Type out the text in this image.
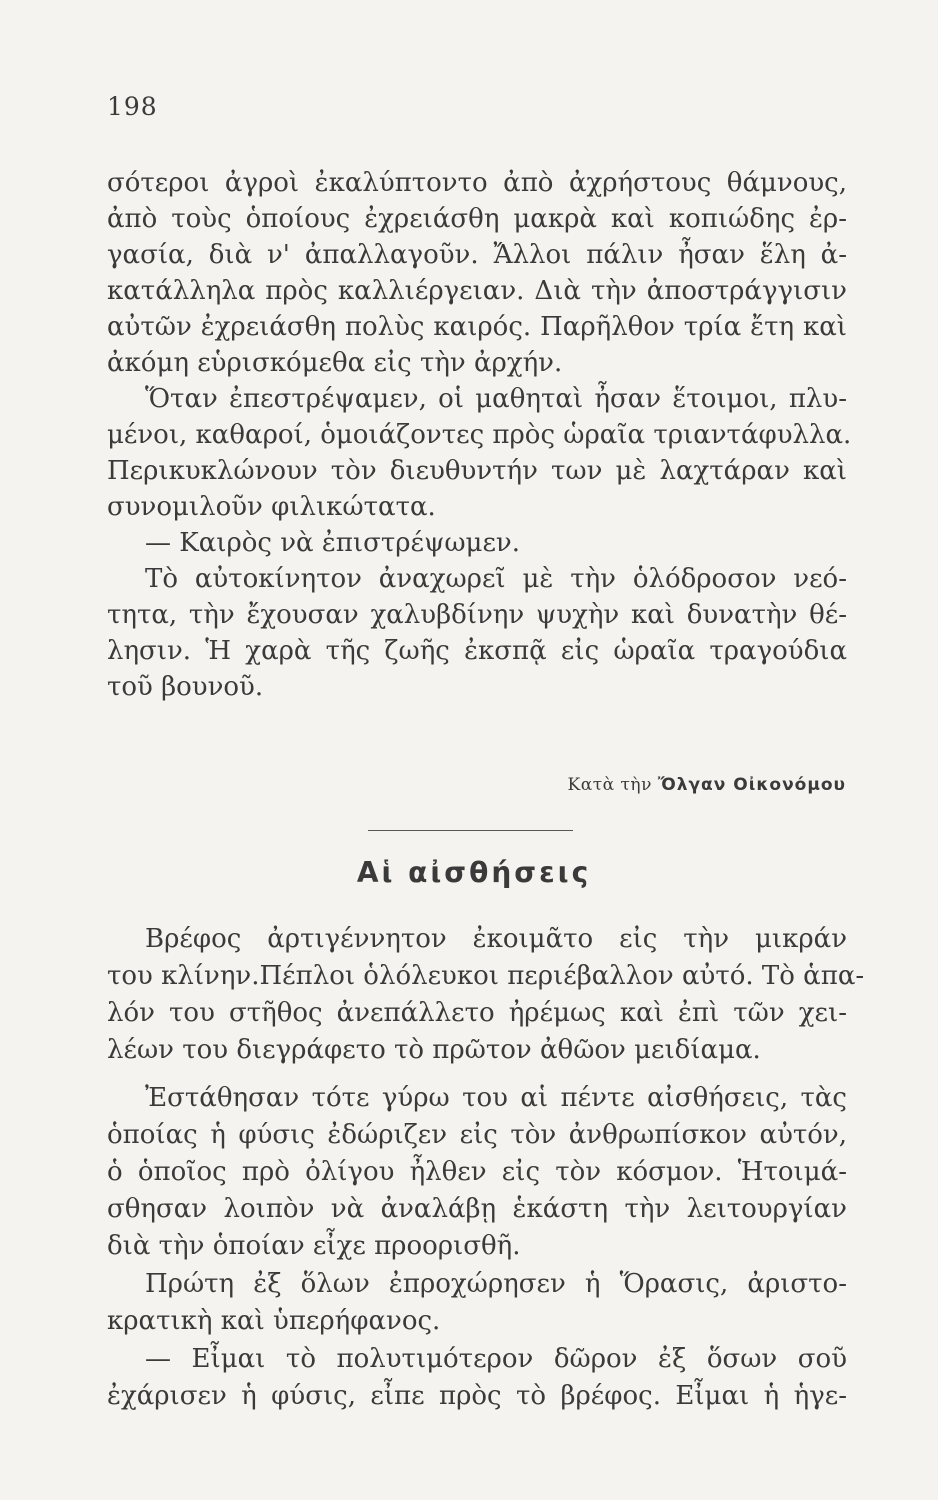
198
σότεροι ἀγροὶ ἐκαλύπτοντο ἀπὸ ἀχρήστους θάμνους,
ἀπὸ τοὺς ὁποίους ἐχρειάσθη μακρὰ καὶ κοπιώδης ἐρ-
γασία, διὰ ν' ἀπαλλαγοῦν. Ἄλλοι πάλιν ἦσαν ἕλη ἀ-
κατάλληλα πρὸς καλλιέργειαν. Διὰ τὴν ἀποστράγγισιν
αὐτῶν ἐχρειάσθη πολὺς καιρός. Παρῆλθον τρία ἔτη καὶ
ἀκόμη εὑρισκόμεθα εἰς τὴν ἀρχήν.
Ὅταν ἐπεστρέψαμεν, οἱ μαθηταὶ ἦσαν ἕτοιμοι, πλυ-
μένοι, καθαροί, ὁμοιάζοντες πρὸς ὡραῖα τριαντάφυλλα.
Περικυκλώνουν τὸν διευθυντήν των μὲ λαχτάραν καὶ
συνομιλοῦν φιλικώτατα.
— Καιρὸς νὰ ἐπιστρέψωμεν.
Τὸ αὐτοκίνητον ἀναχωρεῖ μὲ τὴν ὁλόδροσον νεό-
τητα, τὴν ἔχουσαν χαλυβδίνην ψυχὴν καὶ δυνατὴν θέ-
λησιν. Ἡ χαρὰ τῆς ζωῆς ἐκσπᾷ εἰς ὡραῖα τραγούδια
τοῦ βουνοῦ.
Κατὰ τὴν Ὄλγαν Οἰκονόμου
Αἱ αἰσθήσεις
Βρέφος ἀρτιγέννητον ἐκοιμᾶτο εἰς τὴν μικράν
του κλίνην.Πέπλοι ὁλόλευκοι περιέβαλλον αὐτό. Τὸ ἁπα-
λόν του στῆθος ἀνεπάλλετο ἠρέμως καὶ ἐπὶ τῶν χει-
λέων του διεγράφετο τὸ πρῶτον ἀθῶον μειδίαμα.
Ἐστάθησαν τότε γύρω του αἱ πέντε αἰσθήσεις, τὰς
ὁποίας ἡ φύσις ἐδώριζεν εἰς τὸν ἀνθρωπίσκον αὐτόν,
ὁ ὁποῖος πρὸ ὀλίγου ἦλθεν εἰς τὸν κόσμον. Ἡτοιμά-
σθησαν λοιπὸν νὰ ἀναλάβῃ ἑκάστη τὴν λειτουργίαν
διὰ τὴν ὁποίαν εἶχε προορισθῆ.
Πρώτη ἐξ ὅλων ἐπροχώρησεν ἡ Ὅρασις, ἀριστο-
κρατικὴ καὶ ὑπερήφανος.
— Εἶμαι τὸ πολυτιμότερον δῶρον ἐξ ὅσων σοῦ
ἐχάρισεν ἡ φύσις, εἶπε πρὸς τὸ βρέφος. Εἶμαι ἡ ἡγε-
